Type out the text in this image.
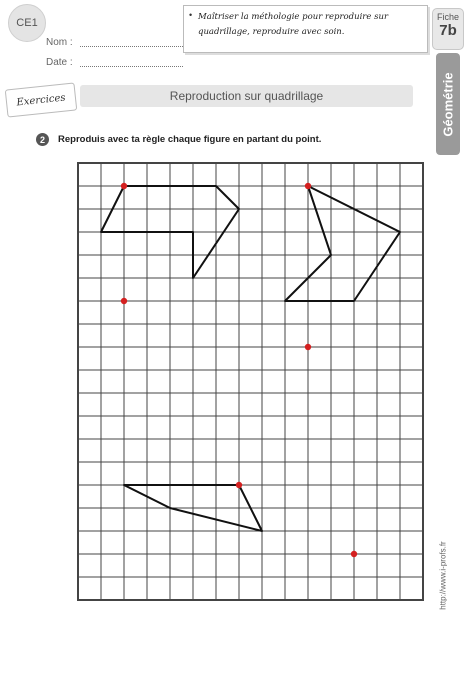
CE1
Nom :
Date :
• Maîtriser la méthologie pour reproduire sur quadrillage, reproduire avec soin.
Fiche
7b
Géométrie
Exercices	Reproduction sur quadrillage
2 Reproduis avec ta règle chaque figure en partant du point.
http://www.i-profs.fr
